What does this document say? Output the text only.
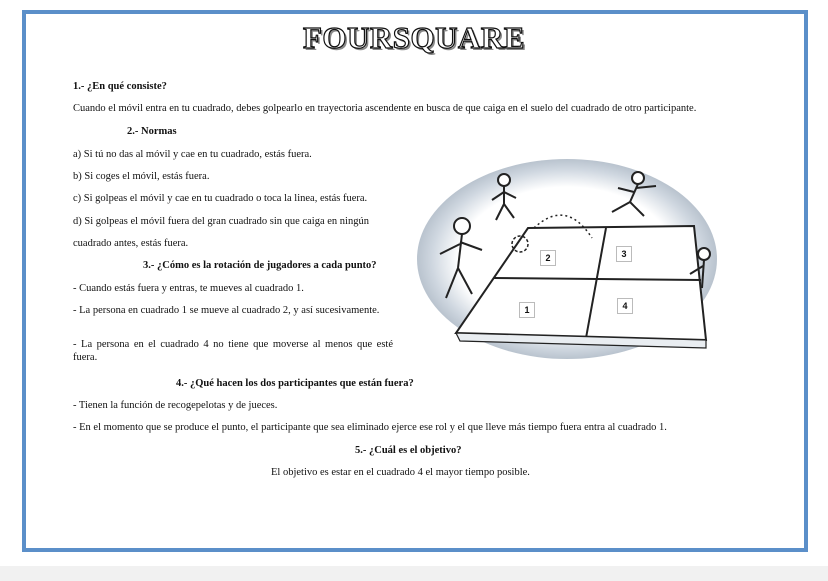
FOURSQUARE
1.- ¿En qué consiste?
Cuando el móvil entra en tu cuadrado, debes golpearlo en trayectoria ascendente en busca de que caiga en el suelo del cuadrado de otro participante.
2.- Normas
a) Si tú no das al móvil y cae en tu cuadrado, estás fuera.
b) Si coges el móvil, estás fuera.
c) Si golpeas el móvil y cae en tu cuadrado o toca la linea, estás fuera.
d) Si golpeas el móvil fuera del gran cuadrado sin que caiga en ningún
cuadrado antes, estás fuera.
3.- ¿Cómo es la rotación de jugadores a cada punto?
- Cuando estás fuera y entras, te mueves al cuadrado 1.
- La persona en cuadrado 1 se mueve al cuadrado 2, y así sucesivamente.
- La persona en el cuadrado 4 no tiene que moverse al menos que esté fuera.
4.- ¿Qué hacen los dos participantes que están fuera?
- Tienen la función de recogepelotas y de jueces.
- En el momento que se produce el punto, el participante que sea eliminado ejerce ese rol y el que lleve más tiempo fuera entra al cuadrado 1.
5.- ¿Cuál es el objetivo?
El objetivo es estar en el cuadrado 4 el mayor tiempo posible.
2	3
1	4
